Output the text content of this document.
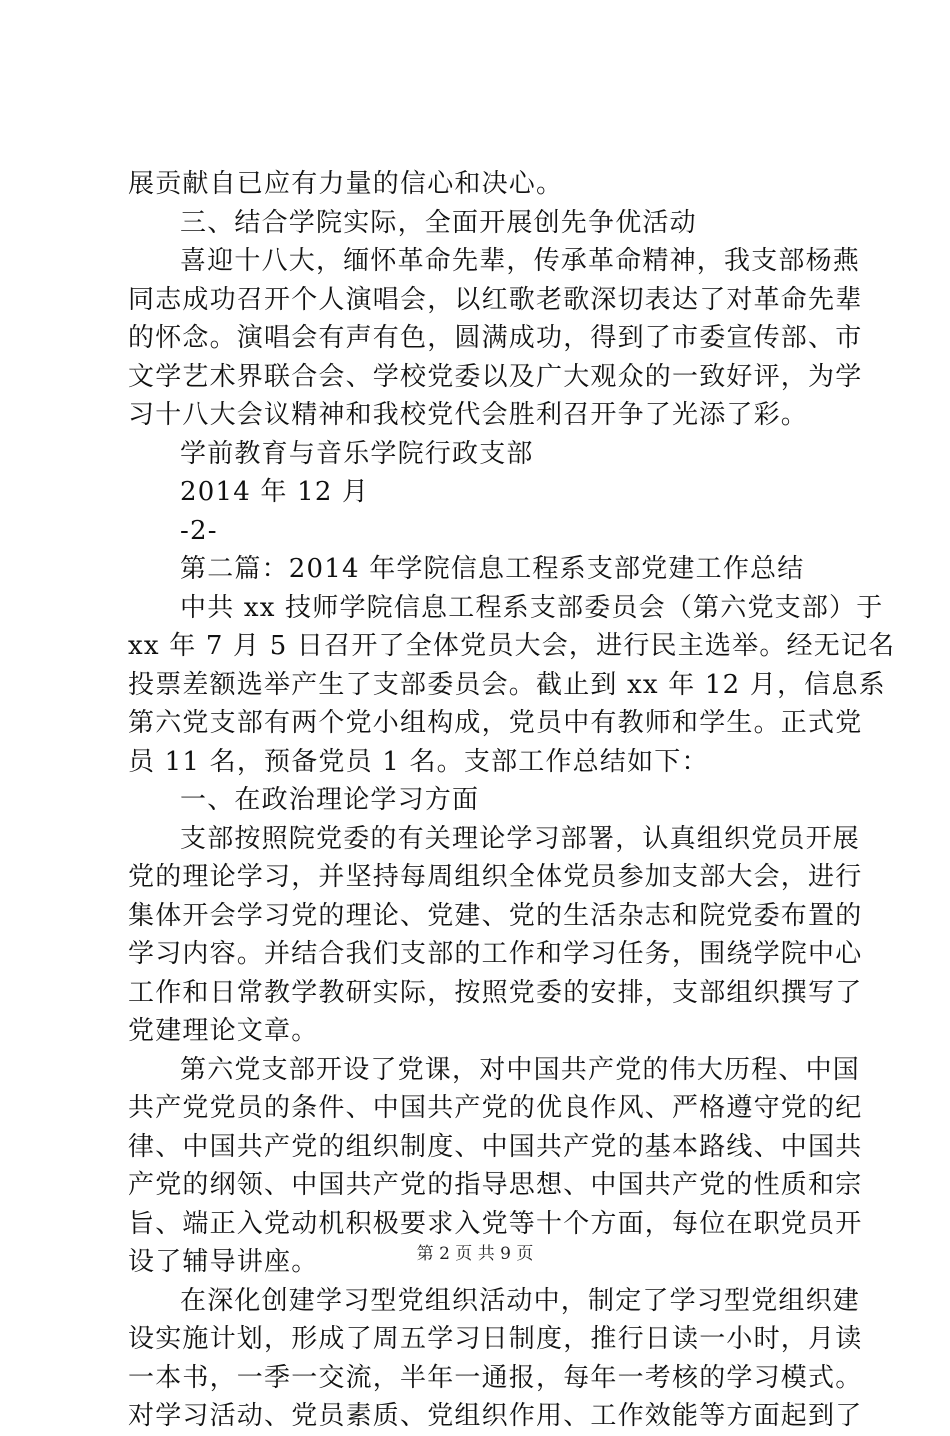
展贡献自已应有力量的信心和决心。
三、结合学院实际，全面开展创先争优活动
喜迎十八大，缅怀革命先辈，传承革命精神，我支部杨燕
同志成功召开个人演唱会，以红歌老歌深切表达了对革命先辈
的怀念。演唱会有声有色，圆满成功，得到了市委宣传部、市
文学艺术界联合会、学校党委以及广大观众的一致好评，为学
习十八大会议精神和我校党代会胜利召开争了光添了彩。
学前教育与音乐学院行政支部
2014 年 12 月
-2-
第二篇：2014 年学院信息工程系支部党建工作总结
中共 xx 技师学院信息工程系支部委员会（第六党支部）于
xx 年 7 月 5 日召开了全体党员大会，进行民主选举。经无记名
投票差额选举产生了支部委员会。截止到 xx 年 12 月，信息系
第六党支部有两个党小组构成，党员中有教师和学生。正式党
员 11 名，预备党员 1 名。支部工作总结如下：
一、在政治理论学习方面
支部按照院党委的有关理论学习部署，认真组织党员开展
党的理论学习，并坚持每周组织全体党员参加支部大会，进行
集体开会学习党的理论、党建、党的生活杂志和院党委布置的
学习内容。并结合我们支部的工作和学习任务，围绕学院中心
工作和日常教学教研实际，按照党委的安排，支部组织撰写了
党建理论文章。
第六党支部开设了党课，对中国共产党的伟大历程、中国
共产党党员的条件、中国共产党的优良作风、严格遵守党的纪
律、中国共产党的组织制度、中国共产党的基本路线、中国共
产党的纲领、中国共产党的指导思想、中国共产党的性质和宗
旨、端正入党动机积极要求入党等十个方面，每位在职党员开
设了辅导讲座。
在深化创建学习型党组织活动中，制定了学习型党组织建
设实施计划，形成了周五学习日制度，推行日读一小时，月读
一本书，一季一交流，半年一通报，每年一考核的学习模式。
对学习活动、党员素质、党组织作用、工作效能等方面起到了
第 2 页 共 9 页
